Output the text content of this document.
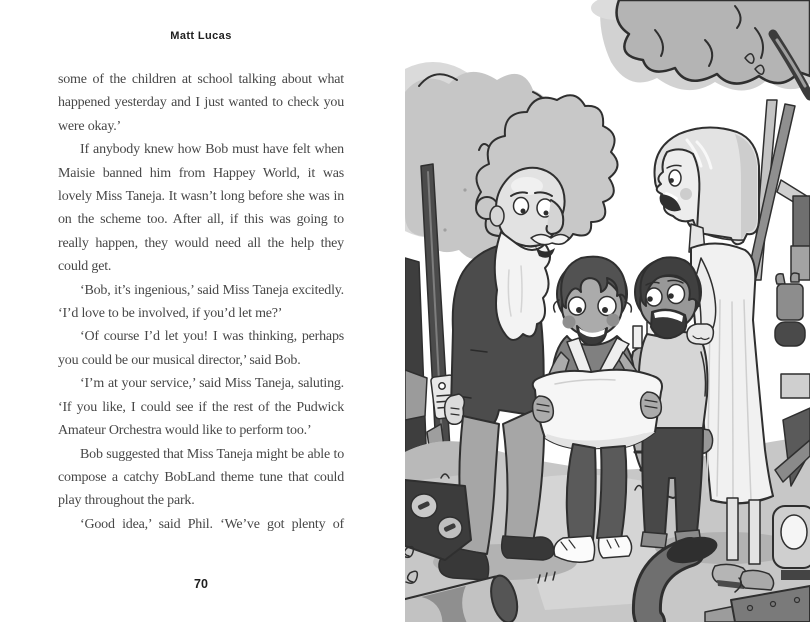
Matt Lucas

some of the children at school talking about what happened yesterday and I just wanted to check you were okay.’

If anybody knew how Bob must have felt when Maisie banned him from Happey World, it was lovely Miss Taneja. It wasn’t long before she was in on the scheme too. After all, if this was going to really happen, they would need all the help they could get.

‘Bob, it’s ingenious,’ said Miss Taneja excitedly. ‘I’d love to be involved, if you’d let me?’

‘Of course I’d let you! I was thinking, perhaps you could be our musical director,’ said Bob.

‘I’m at your service,’ said Miss Taneja, saluting. ‘If you like, I could see if the rest of the Pudwick Amateur Orchestra would like to perform too.’

Bob suggested that Miss Taneja might be able to compose a catchy BobLand theme tune that could play throughout the park.

‘Good idea,’ said Phil. ‘We’ve got plenty of

70
